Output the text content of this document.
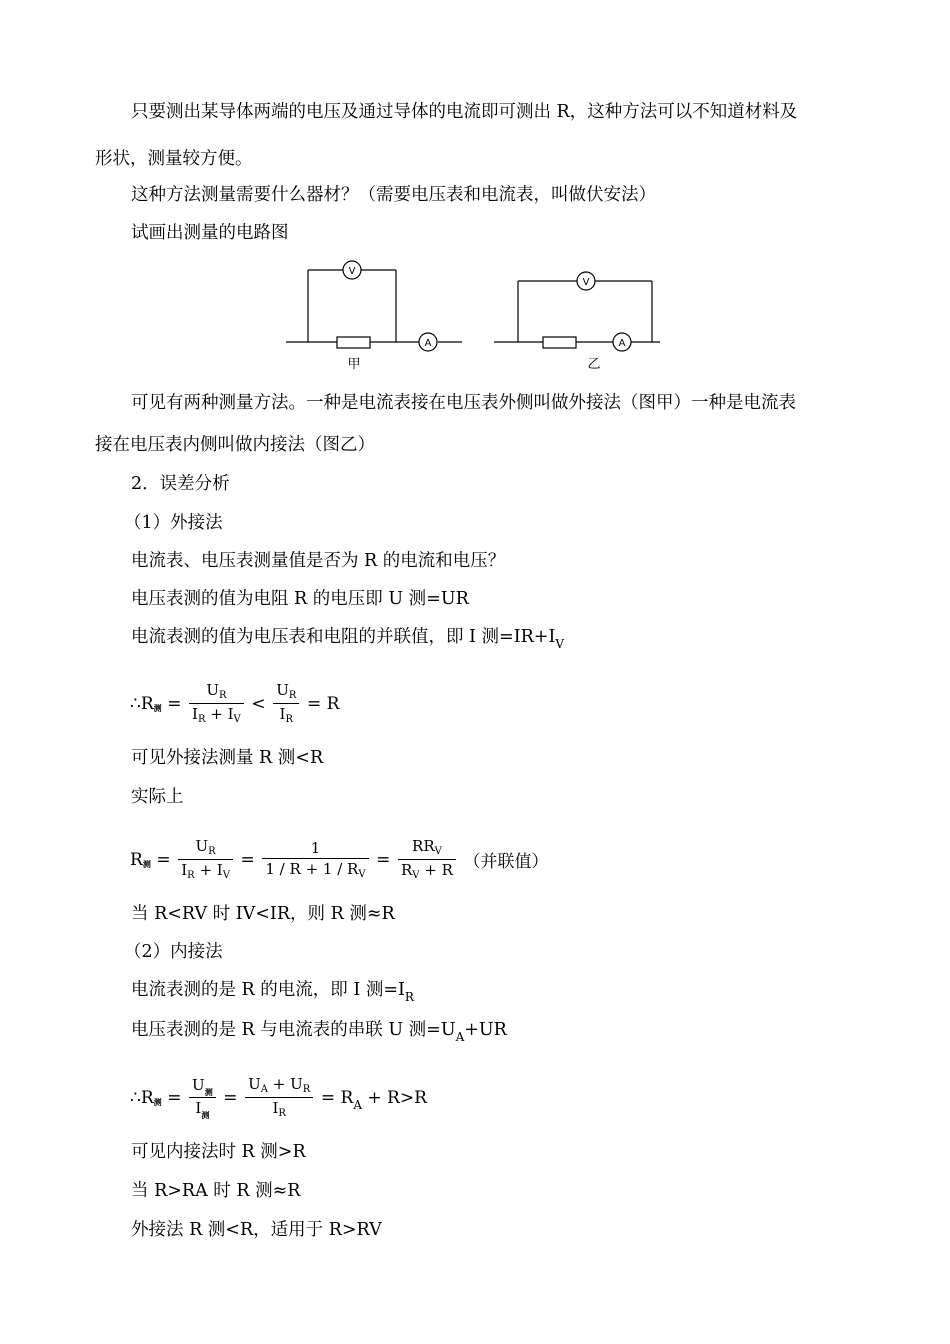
只要测出某导体两端的电压及通过导体的电流即可测出 R，这种方法可以不知道材料及
形状，测量较方便。
这种方法测量需要什么器材？（需要电压表和电流表，叫做伏安法）
试画出测量的电路图
V
A
甲
V
A
乙
可见有两种测量方法。一种是电流表接在电压表外侧叫做外接法（图甲）一种是电流表
接在电压表内侧叫做内接法（图乙）
2．误差分析
（1）外接法
电流表、电压表测量值是否为 R 的电流和电压？
电压表测的值为电阻 R 的电压即 U 测=UR
电流表测的值为电压表和电阻的并联值，即 I 测$=IR+I_V$
∴R测 = $\frac{U_R}{I_R + I_V} < \frac{U_R}{I_R} = R$
可见外接法测量 R 测<R
实际上
R测 = $\frac{U_R}{I_R + I_V} = \frac{1}{1 / R + 1 / R_V} = \frac{RR_V}{R_V + R}$ （并联值）
当 R<RV 时 IV<IR，则 R 测≈R
（2）内接法
电流表测的是 R 的电流，即 I 测$=I_R$
电压表测的是 R 与电流表的串联 U 测$=U_A+UR$
∴R测 = $\frac{U_测}{I_测} = \frac{U_A + U_R}{I_R} = R_A + R>R$
可见内接法时 R 测>R
当 R>RA 时 R 测≈R
外接法 R 测<R，适用于 R>RV
